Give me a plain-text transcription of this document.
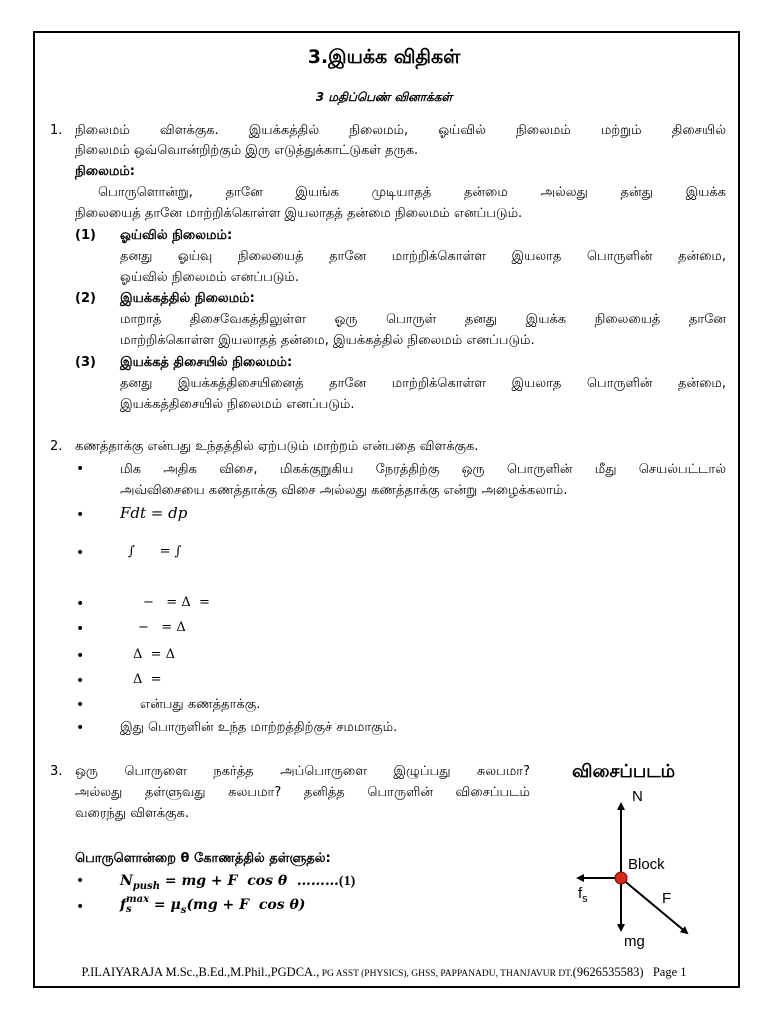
3.இயக்க விதிகள்
3 மதிப்பெண் வினாக்கள்
1. நிலைமம் விளக்குக. இயக்கத்தில் நிலைமம், ஓய்வில் நிலைமம் மற்றும் திசையில்
நிலைமம் ஒவ்வொன்றிற்கும் இரு எடுத்துக்காட்டுகள் தருக.
நிலைமம்:
பொருளொன்று, தானே இயங்க முடியாதத் தன்மை அல்லது தன்து இயக்க
நிலையைத் தானே மாற்றிக்கொள்ள இயலாதத் தன்மை நிலைமம் எனப்படும்.
(1) ஓய்வில் நிலைமம்:
தனது ஓய்வு நிலையைத் தானே மாற்றிக்கொள்ள இயலாத பொருளின் தன்மை,
ஓய்வில் நிலைமம் எனப்படும்.
(2) இயக்கத்தில் நிலைமம்:
மாறாத் திசைவேகத்திலுள்ள ஓரு பொருள் தனது இயக்க நிலையைத் தானே
மாற்றிக்கொள்ள இயலாதத் தன்மை, இயக்கத்தில் நிலைமம் எனப்படும்.
(3) இயக்கத் திசையில் நிலைமம்:
தனது இயக்கத்திசையினைத் தானே மாற்றிக்கொள்ள இயலாத பொருளின் தன்மை,
இயக்கத்திசையில் நிலைமம் எனப்படும்.
2. கணத்தாக்கு என்பது உந்தத்தில் ஏற்படும் மாற்றம் என்பதை விளக்குக.
•	மிக அதிக விசை, மிகக்குறுகிய நேரத்திற்கு ஒரு பொருளின் மீது செயல்பட்டால்
அவ்விசையை கணத்தாக்கு விசை அல்லது கணத்தாக்கு என்று அழைக்கலாம்.
• Fdt = dp
•	∫      = ∫
•	−   = Δ  =
•	−   = Δ
•	Δ  = Δ
•	Δ  =
•	என்பது கணத்தாக்கு.
•	இது பொருளின் உந்த மாற்றத்திற்குச் சமமாகும்.
3. ஒரு பொருளை நகர்த்த அப்பொருளை இழுப்பது சுலபமா?
அல்லது தள்ளுவது சுலபமா? தனித்த பொருளின் விசைப்படம்
வரைந்து விளக்குக.
பொருளொன்றை θ கோணத்தில் தள்ளுதல்:
•	$N_{push}$ = mg + F  cos θ  ………(1)
•	f max
s	= $\mu_s(mg + F$  cos θ)
விசைப்படம்
N
Block
$f_s$	F
mg
P.ILAIYARAJA M.Sc.,B.Ed.,M.Phil.,PGDCA., PG ASST (PHYSICS), GHSS, PAPPANADU, THANJAVUR DT.(9626535583) Page 1
